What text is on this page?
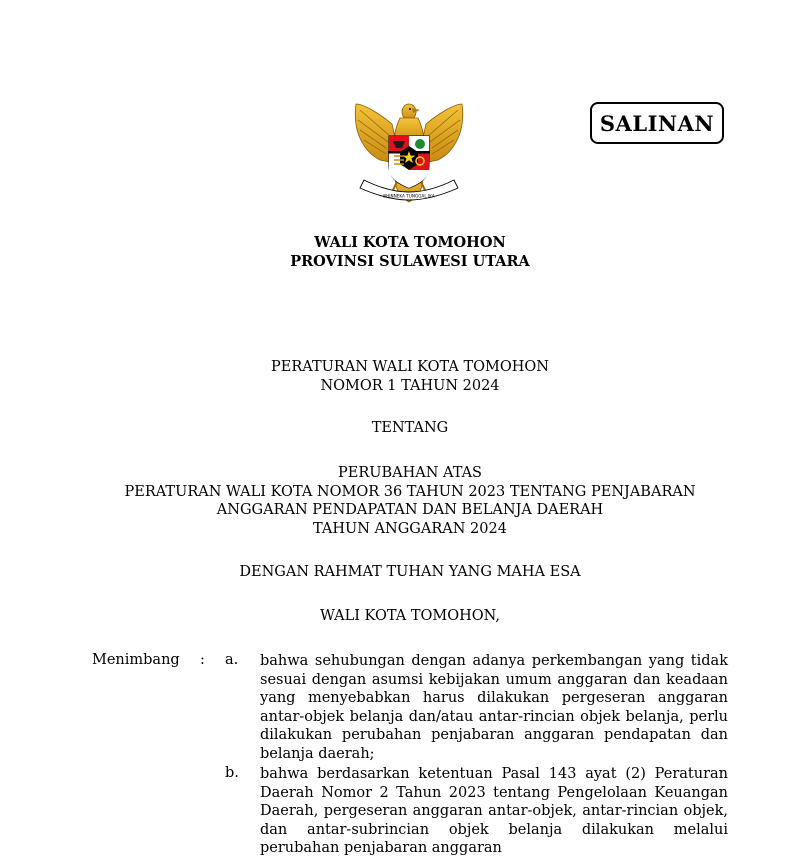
BHINNEKA TUNGGAL IKA
SALINAN
WALI KOTA TOMOHON
PROVINSI SULAWESI UTARA
PERATURAN WALI KOTA TOMOHON
NOMOR 1 TAHUN 2024
TENTANG
PERUBAHAN ATAS
PERATURAN WALI KOTA NOMOR 36 TAHUN 2023 TENTANG PENJABARAN
ANGGARAN PENDAPATAN DAN BELANJA DAERAH
TAHUN ANGGARAN 2024
DENGAN RAHMAT TUHAN YANG MAHA ESA
WALI KOTA TOMOHON,
Menimbang : a. bahwa sehubungan dengan adanya perkembangan yang tidak sesuai dengan asumsi kebijakan umum anggaran dan keadaan yang menyebabkan harus dilakukan pergeseran anggaran antar-objek belanja dan/atau antar-rincian objek belanja, perlu dilakukan perubahan penjabaran anggaran pendapatan dan belanja daerah;
b. bahwa berdasarkan ketentuan Pasal 143 ayat (2) Peraturan Daerah Nomor 2 Tahun 2023 tentang Pengelolaan Keuangan Daerah, pergeseran anggaran antar-objek, antar-rincian objek, dan antar-subrincian objek belanja dilakukan melalui perubahan penjabaran anggaran
